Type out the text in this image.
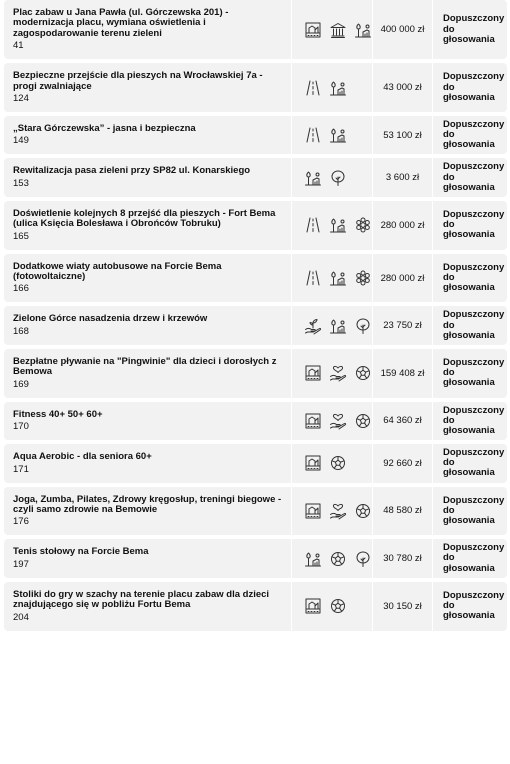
Plac zabaw u Jana Pawła (ul. Górczewska 201) - modernizacja placu, wymiana oświetlenia i zagospodarowanie terenu zieleni
41
400 000 zł
Dopuszczony do głosowania
Bezpieczne przejście dla pieszych na Wrocławskiej 7a - progi zwalniające
124
43 000 zł
Dopuszczony do głosowania
„Stara Górczewska” - jasna i bezpieczna
149
53 100 zł
Dopuszczony do głosowania
Rewitalizacja pasa zieleni przy SP82 ul. Konarskiego
153
3 600 zł
Dopuszczony do głosowania
Doświetlenie kolejnych 8 przejść dla pieszych - Fort Bema (ulica Księcia Bolesława i Obrońców Tobruku)
165
280 000 zł
Dopuszczony do głosowania
Dodatkowe wiaty autobusowe na Forcie Bema (fotowoltaiczne)
166
280 000 zł
Dopuszczony do głosowania
Zielone Górce nasadzenia drzew i krzewów
168
23 750 zł
Dopuszczony do głosowania
Bezpłatne pływanie na "Pingwinie" dla dzieci i dorosłych z Bemowa
169
159 408 zł
Dopuszczony do głosowania
Fitness 40+ 50+ 60+
170
64 360 zł
Dopuszczony do głosowania
Aqua Aerobic - dla seniora 60+
171
92 660 zł
Dopuszczony do głosowania
Joga, Zumba, Pilates, Zdrowy kręgosłup, treningi biegowe - czyli samo zdrowie na Bemowie
176
48 580 zł
Dopuszczony do głosowania
Tenis stołowy na Forcie Bema
197
30 780 zł
Dopuszczony do głosowania
Stoliki do gry w szachy na terenie placu zabaw dla dzieci znajdującego się w pobliżu Fortu Bema
204
30 150 zł
Dopuszczony do głosowania
